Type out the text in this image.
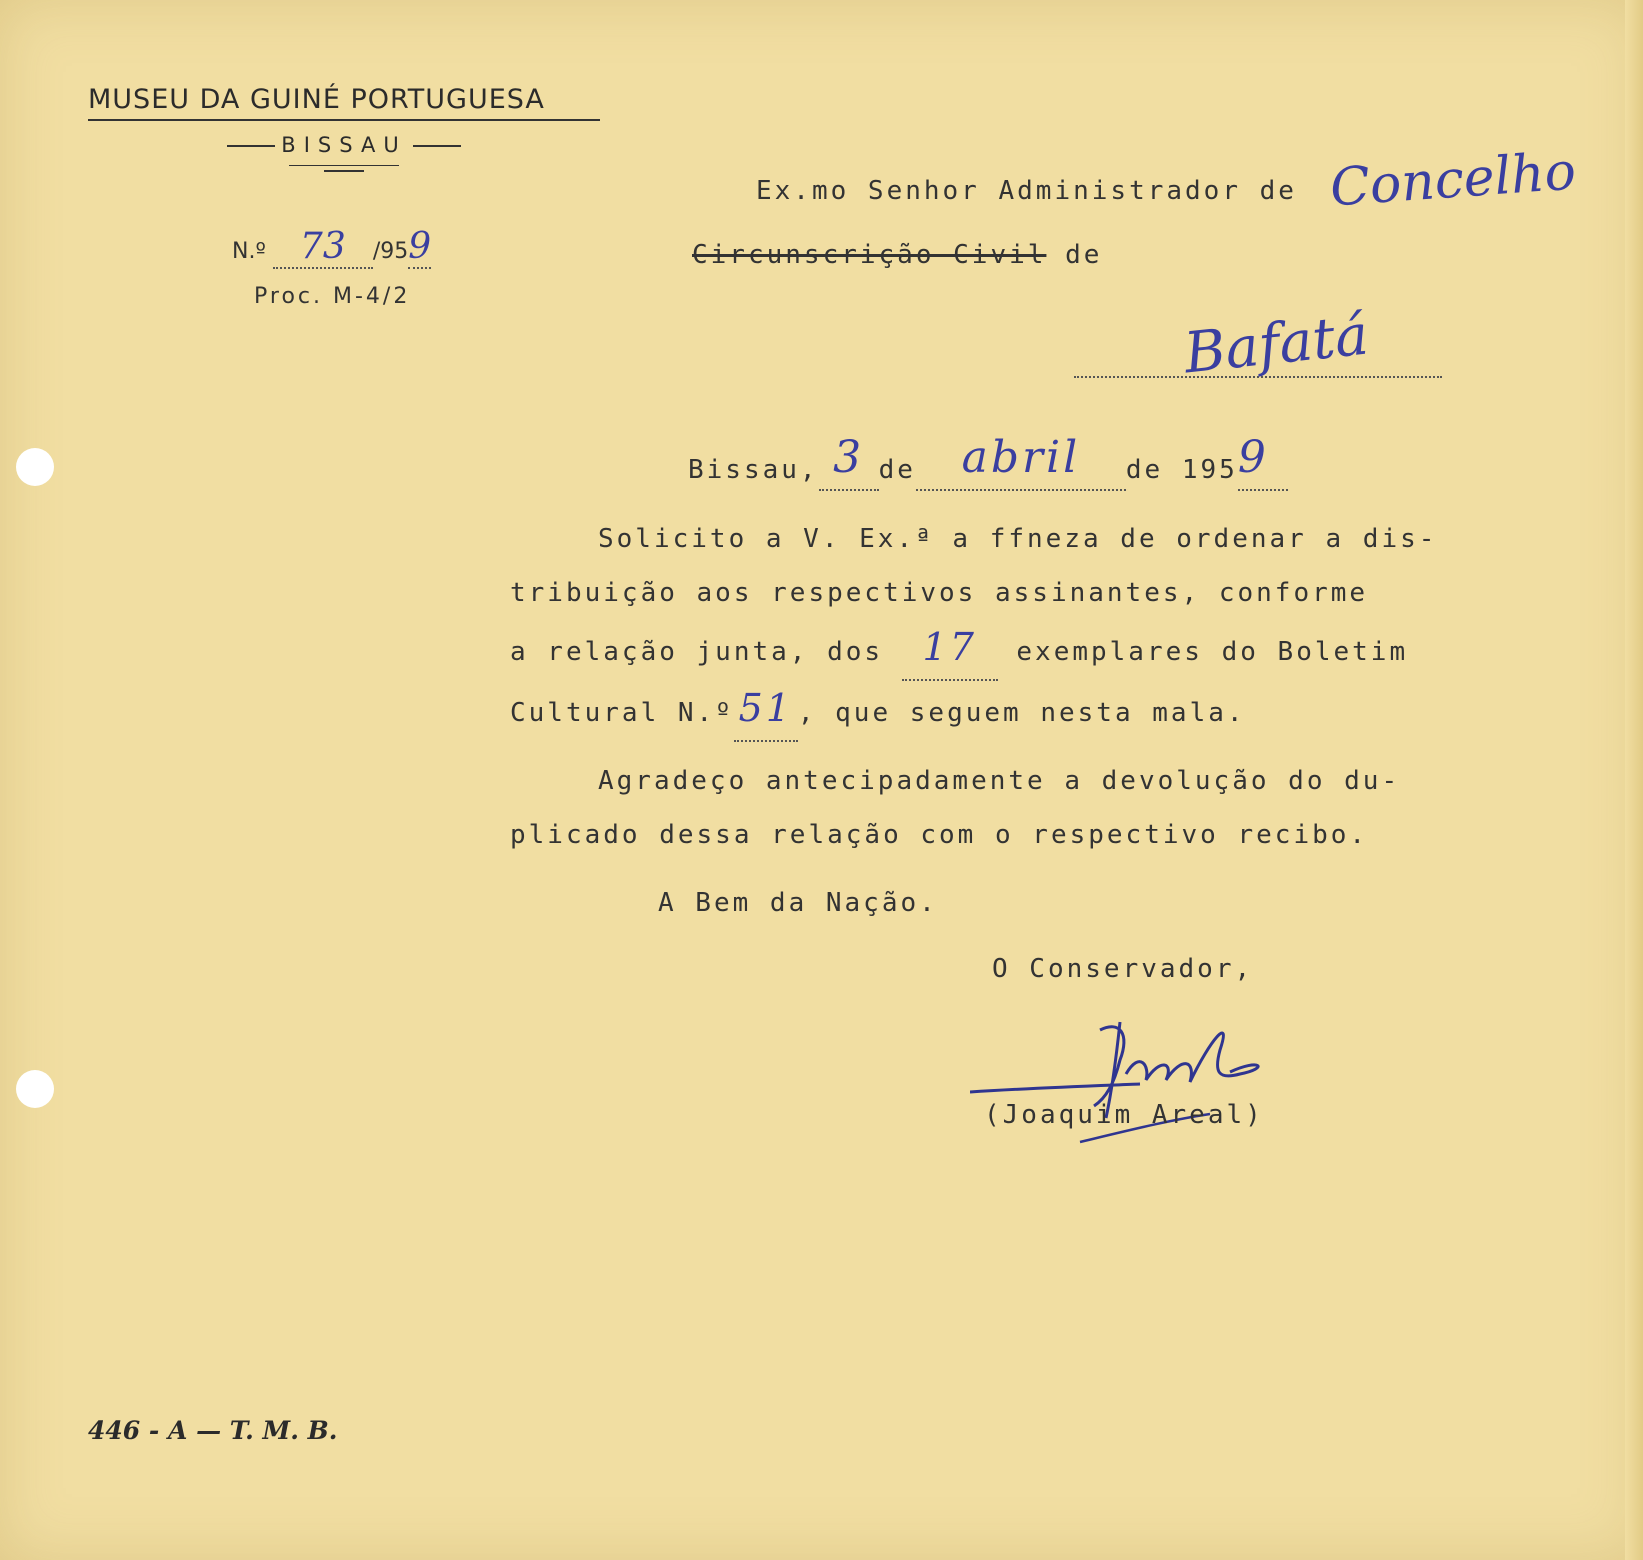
MUSEU DA GUINÉ PORTUGUESA
BISSAU
N.º 73 /959
Proc. M-4/2
Ex.mo Senhor Administrador de Concelho
Circunscrição Civil de
Bafatá
Bissau, 3 de abril de 1959

Solicito a V. Ex.ª a ffneza de ordenar a dis-

tribuição aos respectivos assinantes, conforme

a relação junta, dos 17 exemplares do Boletim

Cultural N.º 51 , que seguem nesta mala.

Agradeço antecipadamente a devolução do du-

plicado dessa relação com o respectivo recibo.

A Bem da Nação.
O Conservador,
(Joaquim Areal)
446 - A — T. M. B.
